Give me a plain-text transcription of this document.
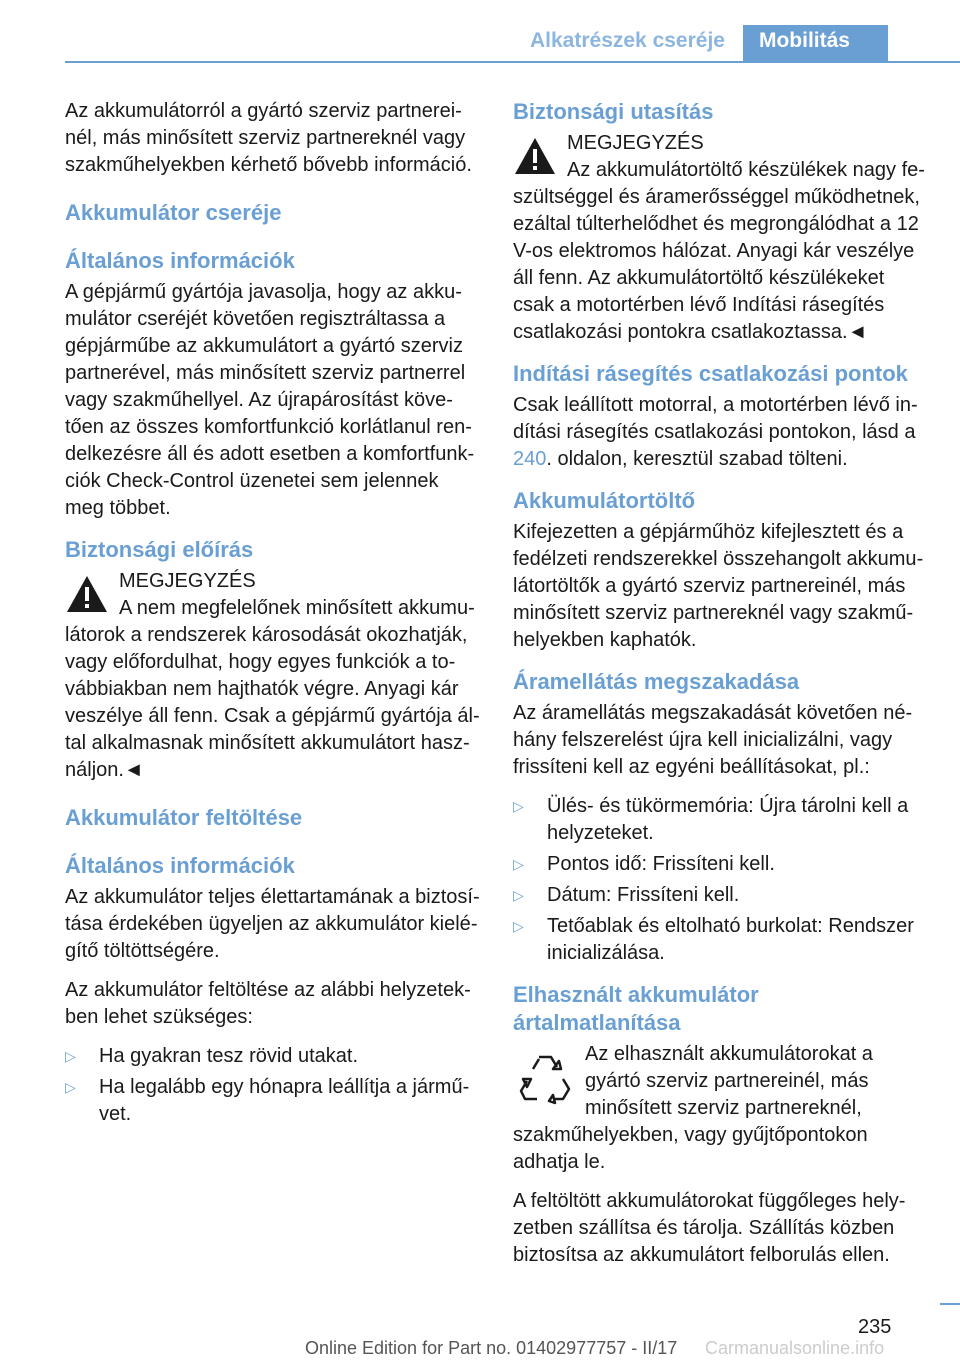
Alkatrészek cseréje	Mobilitás

Az akkumulátorról a gyártó szerviz partnereinél, más minősített szerviz partnereknél vagy szakműhelyekben kérhető bővebb információ.

Akkumulátor cseréje
Általános információk

A gépjármű gyártója javasolja, hogy az akkumulátor cseréjét követően regisztráltassa a gépjárműbe az akkumulátort a gyártó szerviz partnerével, más minősített szerviz partnerrel vagy szakműhellyel. Az újrapárosítást követően az összes komfortfunkció korlátlanul rendelkezésre áll és adott esetben a komfortfunkciók Check-Control üzenetei sem jelennek meg többet.

Biztonsági előírás
MEGJEGYZÉS
A nem megfelelőnek minősített akkumulátorok a rendszerek károsodását okozhatják, vagy előfordulhat, hogy egyes funkciók a továbbiakban nem hajthatók végre. Anyagi kár veszélye áll fenn. Csak a gépjármű gyártója által alkalmasnak minősített akkumulátort használjon.◄
Akkumulátor feltöltése
Általános információk

Az akkumulátor teljes élettartamának a biztosítása érdekében ügyeljen az akkumulátor kielégítő töltöttségére.

Az akkumulátor feltöltése az alábbi helyzetekben lehet szükséges:

▷ Ha gyakran tesz rövid utakat.
▷ Ha legalább egy hónapra leállítja a járművet.
Biztonsági utasítás
MEGJEGYZÉS
Az akkumulátortöltő készülékek nagy feszültséggel és áramerősséggel működhetnek, ezáltal túlterhelődhet és megrongálódhat a 12 V-os elektromos hálózat. Anyagi kár veszélye áll fenn. Az akkumulátortöltő készülékeket csak a motortérben lévő Indítási rásegítés csatlakozási pontokra csatlakoztassa.◄
Indítási rásegítés csatlakozási pontok

Csak leállított motorral, a motortérben lévő indítási rásegítés csatlakozási pontokon, lásd a 240. oldalon, keresztül szabad tölteni.

Akkumulátortöltő

Kifejezetten a gépjárműhöz kifejlesztett és a fedélzeti rendszerekkel összehangolt akkumulátortöltők a gyártó szerviz partnereinél, más minősített szerviz partnereknél vagy szakműhelyekben kaphatók.

Áramellátás megszakadása

Az áramellátás megszakadását követően néhány felszerelést újra kell inicializálni, vagy frissíteni kell az egyéni beállításokat, pl.:

▷ Ülés- és tükörmemória: Újra tárolni kell a helyzeteket.
▷ Pontos idő: Frissíteni kell.
▷ Dátum: Frissíteni kell.
▷ Tetőablak és eltolható burkolat: Rendszer inicializálása.
Elhasznált akkumulátor ártalmatlanítása

Az elhasznált akkumulátorokat a gyártó szerviz partnereinél, más minősített szerviz partnereknél, szakműhelyekben, vagy gyűjtőpontokon adhatja le.

A feltöltött akkumulátorokat függőleges helyzetben szállítsa és tárolja. Szállítás közben biztosítsa az akkumulátort felborulás ellen.

235
Online Edition for Part no. 01402977757 - II/17 Carmanualsonline.info
